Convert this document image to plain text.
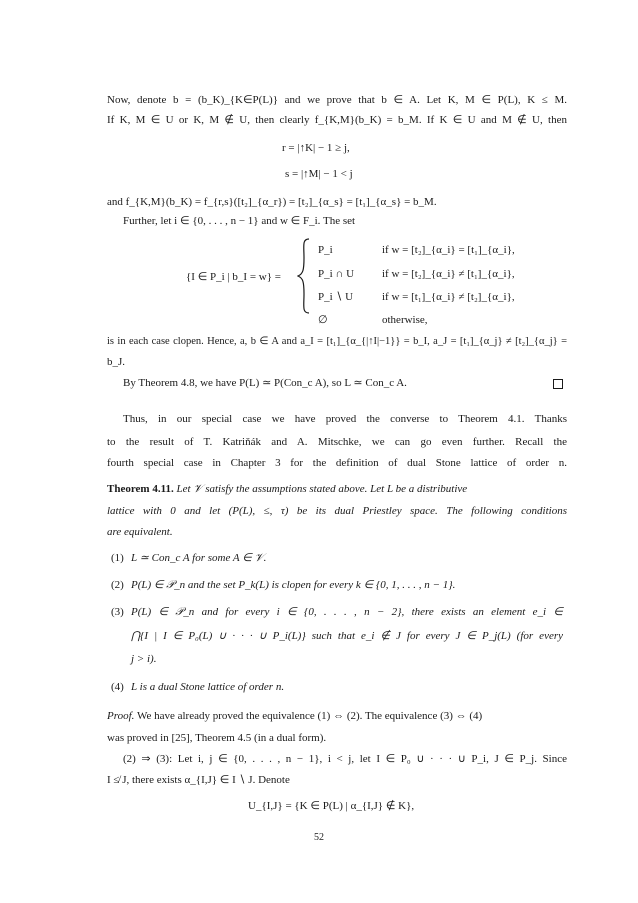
Now, denote b = (b_K)_{K∈P(L)} and we prove that b ∈ A. Let K, M ∈ P(L), K ≤ M.
If K, M ∈ U or K, M ∉ U, then clearly f_{K,M}(b_K) = b_M. If K ∈ U and M ∉ U, then
r = |↑K| − 1 ≥ j,
s = |↑M| − 1 < j
and f_{K,M}(b_K) = f_{r,s}([t₂]_{α_r}) = [t₂]_{α_s} = [t₁]_{α_s} = b_M.
Further, let i ∈ {0, . . . , n − 1} and w ∈ F_i. The set
{I ∈ P_i | b_I = w} =
P_i	if w = [t₂]_{α_i} = [t₁]_{α_i},
P_i ∩ U	if w = [t₂]_{α_i} ≠ [t₁]_{α_i},
P_i ∖ U	if w = [t₁]_{α_i} ≠ [t₂]_{α_i},
∅	otherwise,
is in each case clopen. Hence, a, b ∈ A and a_I = [t₁]_{α_{|↑I|−1}} = b_I, a_J = [t₁]_{α_j} ≠ [t₂]_{α_j} =
b_J.
By Theorem 4.8, we have P(L) ≃ P(Con_c A), so L ≃ Con_c A.
Thus, in our special case we have proved the converse to Theorem 4.1. Thanks
to the result of T. Katriňák and A. Mitschke, we can go even further. Recall the
fourth special case in Chapter 3 for the definition of dual Stone lattice of order n.
Theorem 4.11. Let 𝒱 satisfy the assumptions stated above. Let L be a distributive
lattice with 0 and let (P(L), ≤, τ) be its dual Priestley space. The following conditions
are equivalent.
(1) L ≃ Con_c A for some A ∈ 𝒱.
(2) P(L) ∈ 𝒫_n and the set P_k(L) is clopen for every k ∈ {0, 1, . . . , n − 1}.
(3) P(L) ∈ 𝒫_n and for every i ∈ {0, . . . , n − 2}, there exists an element e_i ∈
⋂{I | I ∈ P₀(L) ∪ · · · ∪ P_i(L)} such that e_i ∉ J for every J ∈ P_j(L) (for every
j > i).
(4) L is a dual Stone lattice of order n.
Proof. We have already proved the equivalence (1) ⇔ (2). The equivalence (3) ⇔ (4)
was proved in [25], Theorem 4.5 (in a dual form).
(2) ⇒ (3): Let i, j ∈ {0, . . . , n − 1}, i < j, let I ∈ P₀ ∪ · · · ∪ P_i, J ∈ P_j. Since
I ≰ J, there exists α_{I,J} ∈ I ∖ J. Denote
U_{I,J} = {K ∈ P(L) | α_{I,J} ∉ K},
52
